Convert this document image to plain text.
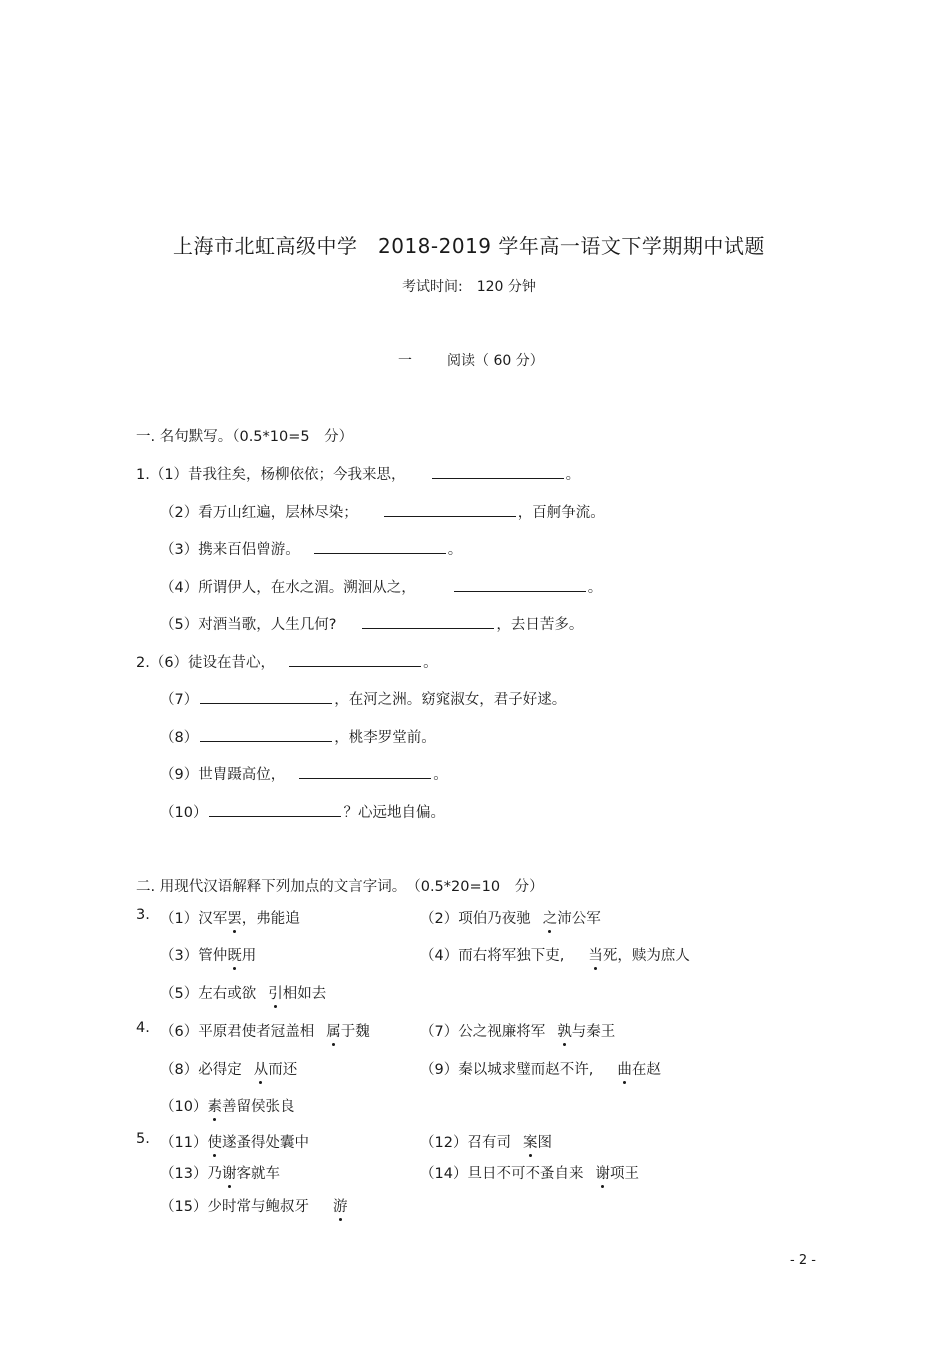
上海市北虹高级中学　2018-2019 学年高一语文下学期期中试题
考试时间:　120 分钟
一	阅读（ 60 分）
一. 名句默写。（0.5*10=5　分）
1.（1）昔我往矣，杨柳依依；今我来思，	。
（2）看万山红遍，层林尽染；	，百舸争流。
（3）携来百侣曾游。	。
（4）所谓伊人，在水之湄。溯洄从之，	。
（5）对酒当歌，人生几何?	，去日苦多。
2.（6）徒设在昔心，	。
（7）	，在河之洲。窈窕淑女，君子好逑。
（8）	，桃李罗堂前。
（9）世胄蹑高位，	。
（10）	？心远地自偏。
二. 用现代汉语解释下列加点的文言字词。　（0.5*20=10　分）
3. （1）汉军罢，弗能追	（2）项伯乃夜驰 之沛公军
（3）管仲既用	（4）而右将军独下吏, 当死，赎为庶人
（5）左右或欲 引相如去
4. （6）平原君使者冠盖相 属于魏	（7）公之视廉将军 孰与秦王
（8）必得定 从而还	（9）秦以城求璧而赵不许, 曲在赵
（10）素善留侯张良
5. （11）使遂蚤得处囊中	（12）召有司 案图
（13）乃谢客就车	（14）旦日不可不蚤自来 谢项王
（15）少时常与鲍叔牙 游
- 2 -
